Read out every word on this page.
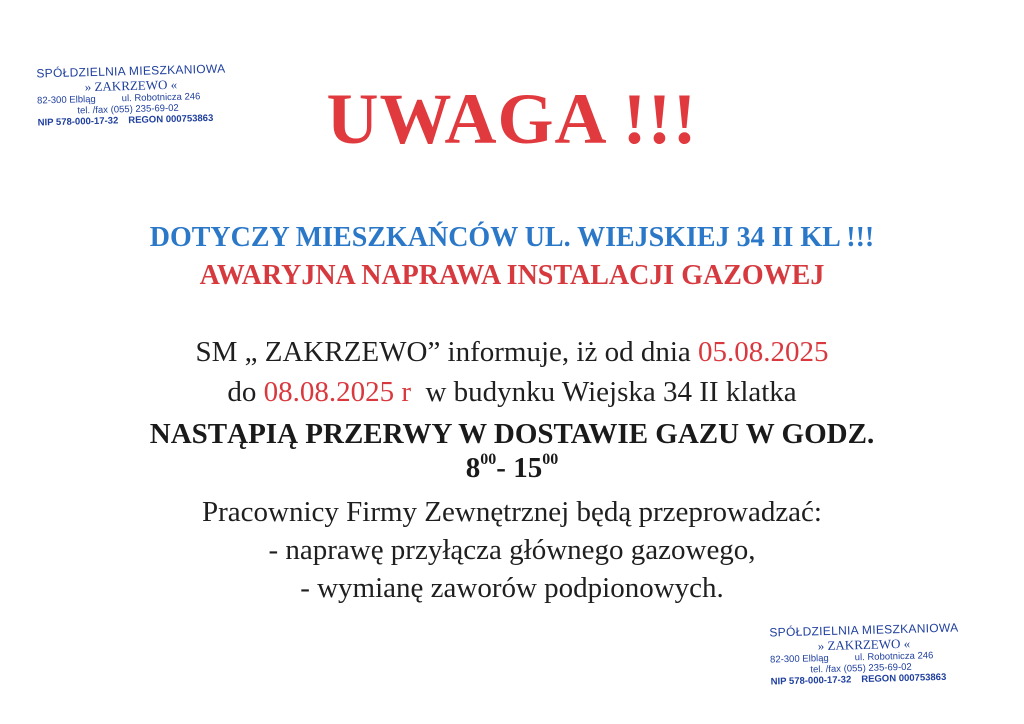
SPÓŁDZIELNIA MIESZKANIOWA
» ZAKRZEWO «
82-300 Elbląg	ul. Robotnicza 246
tel. /fax (055) 235-69-02
NIP 578-000-17-32 REGON 000753863	UWAGA !!!
DOTYCZY MIESZKAŃCÓW UL. WIEJSKIEJ 34 II KL !!!
AWARYJNA NAPRAWA INSTALACJI GAZOWEJ
SM „ ZAKRZEWO” informuje, iż od dnia 05.08.2025
do 08.08.2025 r  w budynku Wiejska 34 II klatka
NASTĄPIĄ PRZERWY W DOSTAWIE GAZU W GODZ.
$8^{00}-$ $15^{00}$
Pracownicy Firmy Zewnętrznej będą przeprowadzać:
- naprawę przyłącza głównego gazowego,
- wymianę zaworów podpionowych.
SPÓŁDZIELNIA MIESZKANIOWA
» ZAKRZEWO «
82-300 Elbląg	ul. Robotnicza 246
tel. /fax (055) 235-69-02
NIP 578-000-17-32 REGON 000753863
